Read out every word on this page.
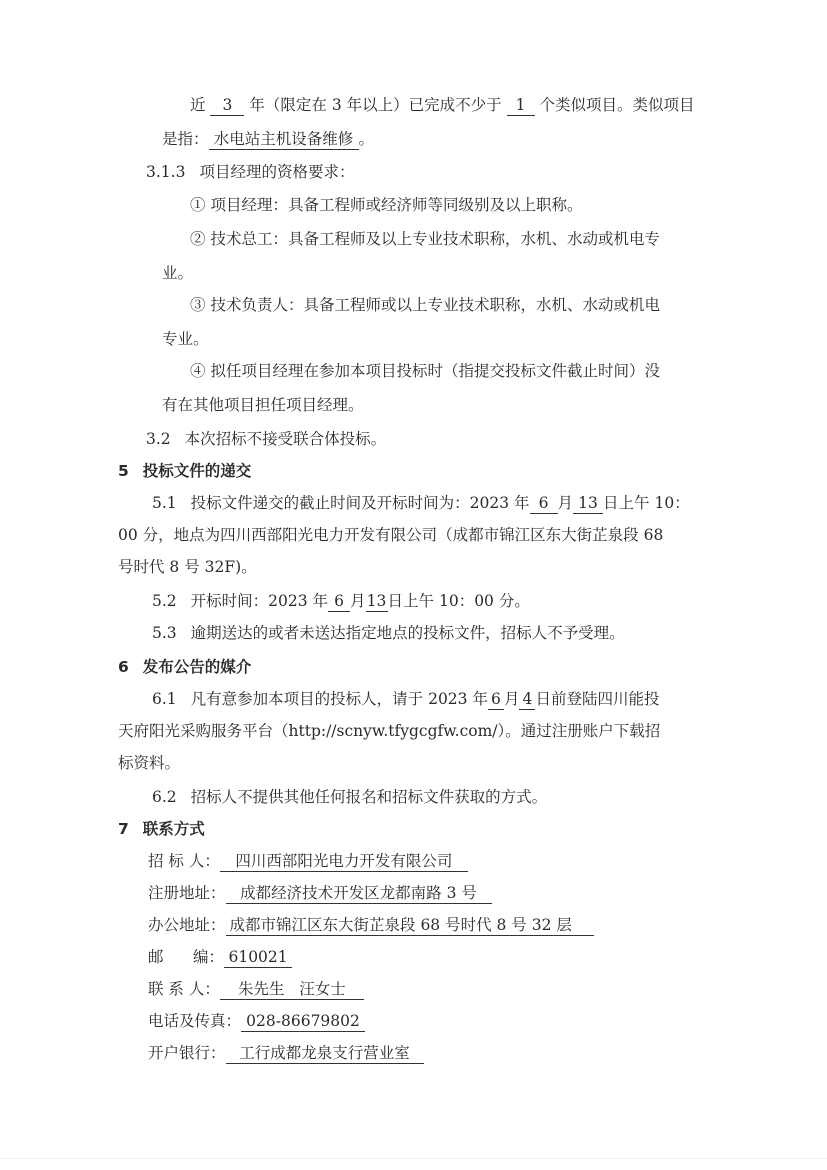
近 3 年（限定在 3 年以上）已完成不少于 1 个类似项目。类似项目
是指： 水电站主机设备维修 。
3.1.3 项目经理的资格要求：
① 项目经理：具备工程师或经济师等同级别及以上职称。
② 技术总工：具备工程师及以上专业技术职称，水机、水动或机电专
业。
③ 技术负责人：具备工程师或以上专业技术职称，水机、水动或机电
专业。
④ 拟任项目经理在参加本项目投标时（指提交投标文件截止时间）没
有在其他项目担任项目经理。
3.2 本次招标不接受联合体投标。
5 投标文件的递交
5.1 投标文件递交的截止时间及开标时间为：2023 年 6 月 13 日上午 10：
00 分，地点为四川西部阳光电力开发有限公司（成都市锦江区东大街芷泉段 68
号时代 8 号 32F)。
5.2 开标时间：2023 年 6 月13日上午 10：00 分。
5.3 逾期送达的或者未送达指定地点的投标文件，招标人不予受理。
6 发布公告的媒介
6.1 凡有意参加本项目的投标人，请于 2023 年 6 月 4 日前登陆四川能投
天府阳光采购服务平台（http://scnyw.tfygcgfw.com/）。通过注册账户下载招
标资料。
6.2 招标人不提供其他任何报名和招标文件获取的方式。
7 联系方式
招 标 人： 四川西部阳光电力开发有限公司
注册地址： 成都经济技术开发区龙都南路 3 号
办公地址： 成都市锦江区东大街芷泉段 68 号时代 8 号 32 层
邮      编： 610021
联 系 人： 朱先生   汪女士
电话及传真： 028-86679802
开户银行： 工行成都龙泉支行营业室
